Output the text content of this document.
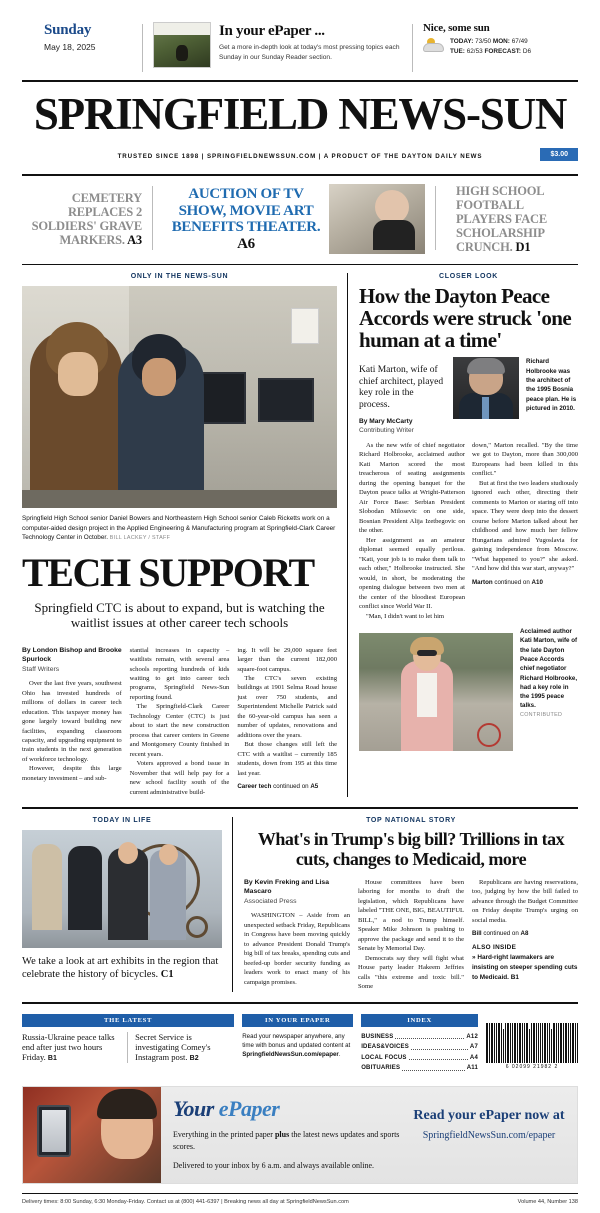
Sunday
May 18, 2025
In your ePaper ...
Get a more in-depth look at today's most pressing topics each Sunday in our Sunday Reader section.
Nice, some sun
TODAY: 73/50 MON: 67/49
TUE: 62/53 FORECAST: D6
SPRINGFIELD NEWS-SUN
TRUSTED SINCE 1898 | SPRINGFIELDNEWSSUN.COM | A PRODUCT OF THE DAYTON DAILY NEWS	$3.00
CEMETERY REPLACES 2 SOLDIERS' GRAVE MARKERS. A3
AUCTION OF TV SHOW, MOVIE ART BENEFITS THEATER. A6
HIGH SCHOOL FOOTBALL PLAYERS FACE SCHOLARSHIP CRUNCH. D1
ONLY IN THE NEWS-SUN
Springfield High School senior Daniel Bowers and Northeastern High School senior Caleb Ricketts work on a computer-aided design project in the Applied Engineering & Manufacturing program at Springfield-Clark Career Technology Center in October. BILL LACKEY / STAFF
TECH SUPPORT
Springfield CTC is about to expand, but is watching the waitlist issues at other career tech schools
By London Bishop and Brooke Spurlock
Staff Writers

Over the last five years, southwest Ohio has invested hundreds of millions of dollars in career tech education. This taxpayer money has gone largely toward building new facilities, expanding classroom capacity, and upgrading equipment to train students in the next generation of workforce technology.

However, despite this large monetary investment – and sub-

stantial increases in capacity – waitlists remain, with several area schools reporting hundreds of kids waiting to get into career tech programs, Springfield News-Sun reporting found.

The Springfield-Clark Career Technology Center (CTC) is just about to start the new construction process that career centers in Greene and Montgomery County finished in recent years.

Voters approved a bond issue in November that will help pay for a new school facility south of the current administrative build-

ing. It will be 29,000 square feet larger than the current 182,000 square-foot campus.

The CTC's seven existing buildings at 1901 Selma Road house just over 750 students, and Superintendent Michelle Patrick said the 60-year-old campus has seen a number of updates, renovations and additions over the years.

But those changes still left the CTC with a waitlist – currently 185 students, down from 195 at this time last year.

Career tech continued on A5
CLOSER LOOK
How the Dayton Peace Accords were struck 'one human at a time'
Kati Marton, wife of chief architect, played key role in the process.
By Mary McCarty
Contributing Writer
Richard Holbrooke was the architect of the 1995 Bosnia peace plan. He is pictured in 2010.

As the new wife of chief negotiator Richard Holbrooke, acclaimed author Kati Marton scored the most treacherous of seating assignments during the opening banquet for the Dayton peace talks at Wright-Patterson Air Force Base: Serbian President Slobodan Milosevic on one side, Bosnian President Alija Izetbegovic on the other.

Her assignment as an amateur diplomat seemed equally perilous. "Kati, your job is to make them talk to each other," Holbrooke instructed. She would, in short, be moderating the opening dialogue between two men at the center of the bloodiest European conflict since World War II.

"Man, I didn't want to let him

down," Marton recalled. "By the time we got to Dayton, more than 300,000 Europeans had been killed in this conflict."

But at first the two leaders studiously ignored each other, directing their comments to Marton or staring off into space. They were deep into the dessert course before Marton talked about her childhood and how much her fellow Hungarians admired Yugoslavia for gaining independence from Moscow. "What happened to you?" she asked. "And how did this war start, anyway?"

Marton continued on A10
Acclaimed author Kati Marton, wife of the late Dayton Peace Accords chief negotiator Richard Holbrooke, had a key role in the 1995 peace talks.
CONTRIBUTED
TODAY IN LIFE
We take a look at art exhibits in the region that celebrate the history of bicycles. C1
TOP NATIONAL STORY
What's in Trump's big bill? Trillions in tax cuts, changes to Medicaid, more
By Kevin Freking and Lisa Mascaro
Associated Press

WASHINGTON – Aside from an unexpected setback Friday, Republicans in Congress have been moving quickly to advance President Donald Trump's big bill of tax breaks, spending cuts and beefed-up border security funding as leaders work to enact many of his campaign promises.

House committees have been laboring for months to draft the legislation, which Republicans have labeled "THE ONE, BIG, BEAUTIFUL BILL," a nod to Trump himself. Speaker Mike Johnson is pushing to approve the package and send it to the Senate by Memorial Day.

Democrats say they will fight what House party leader Hakeem Jeffries calls "this extreme and toxic bill." Some

Republicans are having reservations, too, judging by how the bill failed to advance through the Budget Committee on Friday despite Trump's urging on social media.

Bill continued on A8
ALSO INSIDE
» Hard-right lawmakers are insisting on steeper spending cuts to Medicaid. B1
THE LATEST
Russia-Ukraine peace talks end after just two hours Friday. B1
Secret Service is investigating Comey's Instagram post. B2
IN YOUR EPAPER
Read your newspaper anywhere, any time with bonus and updated content at SpringfieldNewsSun.com/epaper.
INDEX
BUSINESS	A12
IDEAS&VOICES	A7
LOCAL FOCUS	A4
OBITUARIES	A11	6 02099 21982 2
Your ePaper
Everything in the printed paper plus the latest news updates and sports scores.
Delivered to your inbox by 6 a.m. and always available online.
Read your ePaper now at
SpringfieldNewsSun.com/epaper
Delivery times: 8:00 Sunday, 6:30 Monday-Friday. Contact us at (800) 441-6397 | Breaking news all day at SpringfieldNewsSun.com	Volume 44, Number 138
